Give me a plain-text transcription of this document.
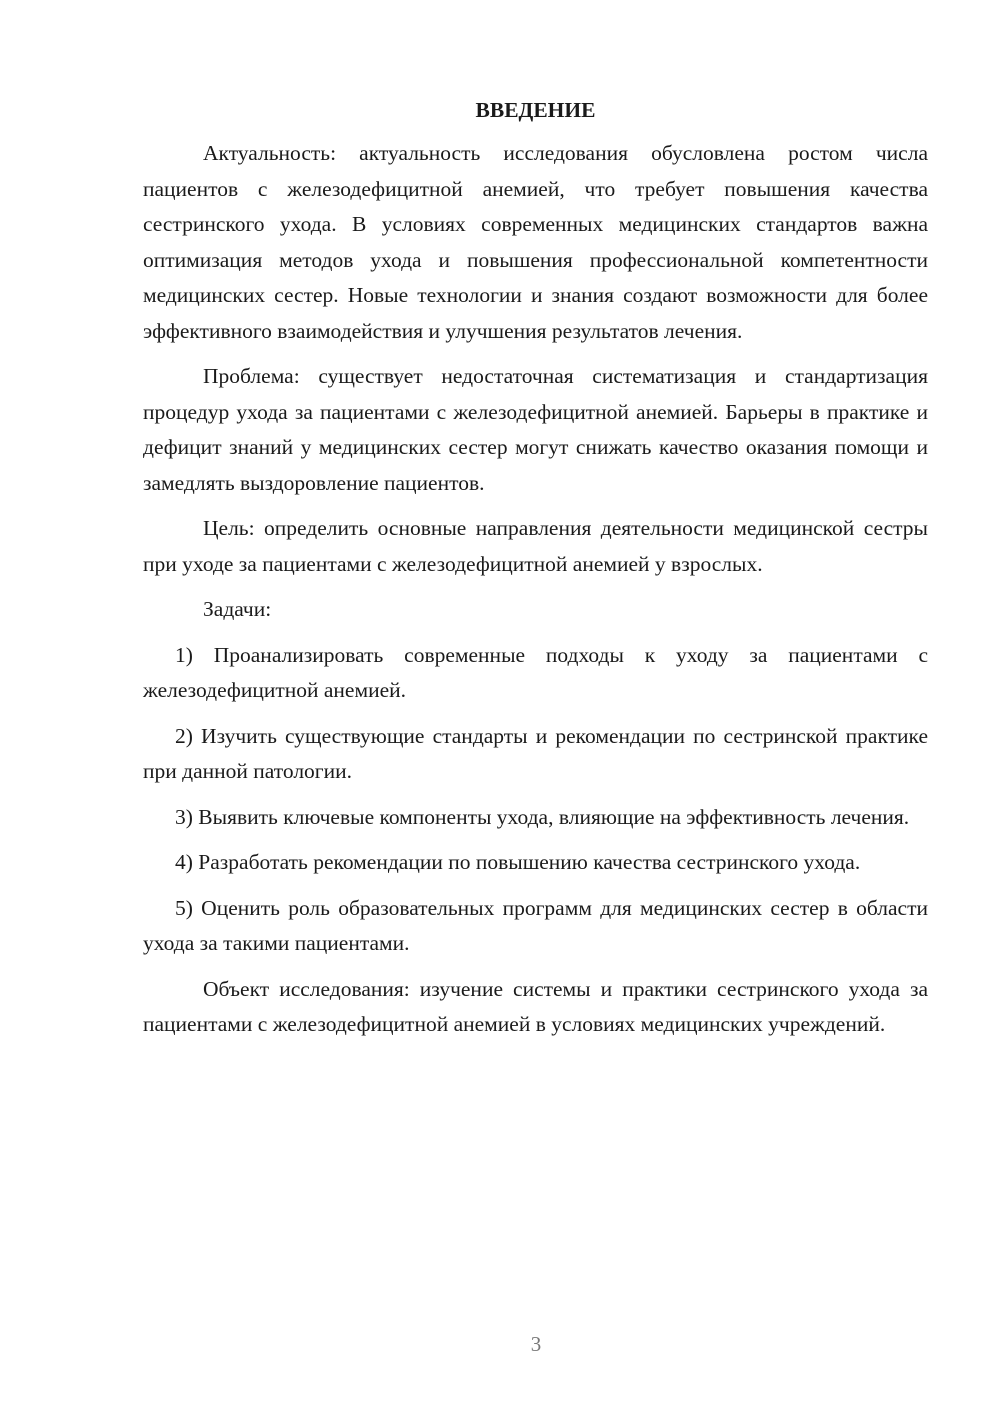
ВВЕДЕНИЕ

Актуальность: актуальность исследования обусловлена ростом числа пациентов с железодефицитной анемией, что требует повышения качества сестринского ухода. В условиях современных медицинских стандартов важна оптимизация методов ухода и повышения профессиональной компетентности медицинских сестер. Новые технологии и знания создают возможности для более эффективного взаимодействия и улучшения результатов лечения.

Проблема: существует недостаточная систематизация и стандартизация процедур ухода за пациентами с железодефицитной анемией. Барьеры в практике и дефицит знаний у медицинских сестер могут снижать качество оказания помощи и замедлять выздоровление пациентов.

Цель: определить основные направления деятельности медицинской сестры при уходе за пациентами с железодефицитной анемией у взрослых.

Задачи:

1) Проанализировать современные подходы к уходу за пациентами с железодефицитной анемией.

2) Изучить существующие стандарты и рекомендации по сестринской практике при данной патологии.

3) Выявить ключевые компоненты ухода, влияющие на эффективность лечения.

4) Разработать рекомендации по повышению качества сестринского ухода.

5) Оценить роль образовательных программ для медицинских сестер в области ухода за такими пациентами.

Объект исследования: изучение системы и практики сестринского ухода за пациентами с железодефицитной анемией в условиях медицинских учреждений.

3
